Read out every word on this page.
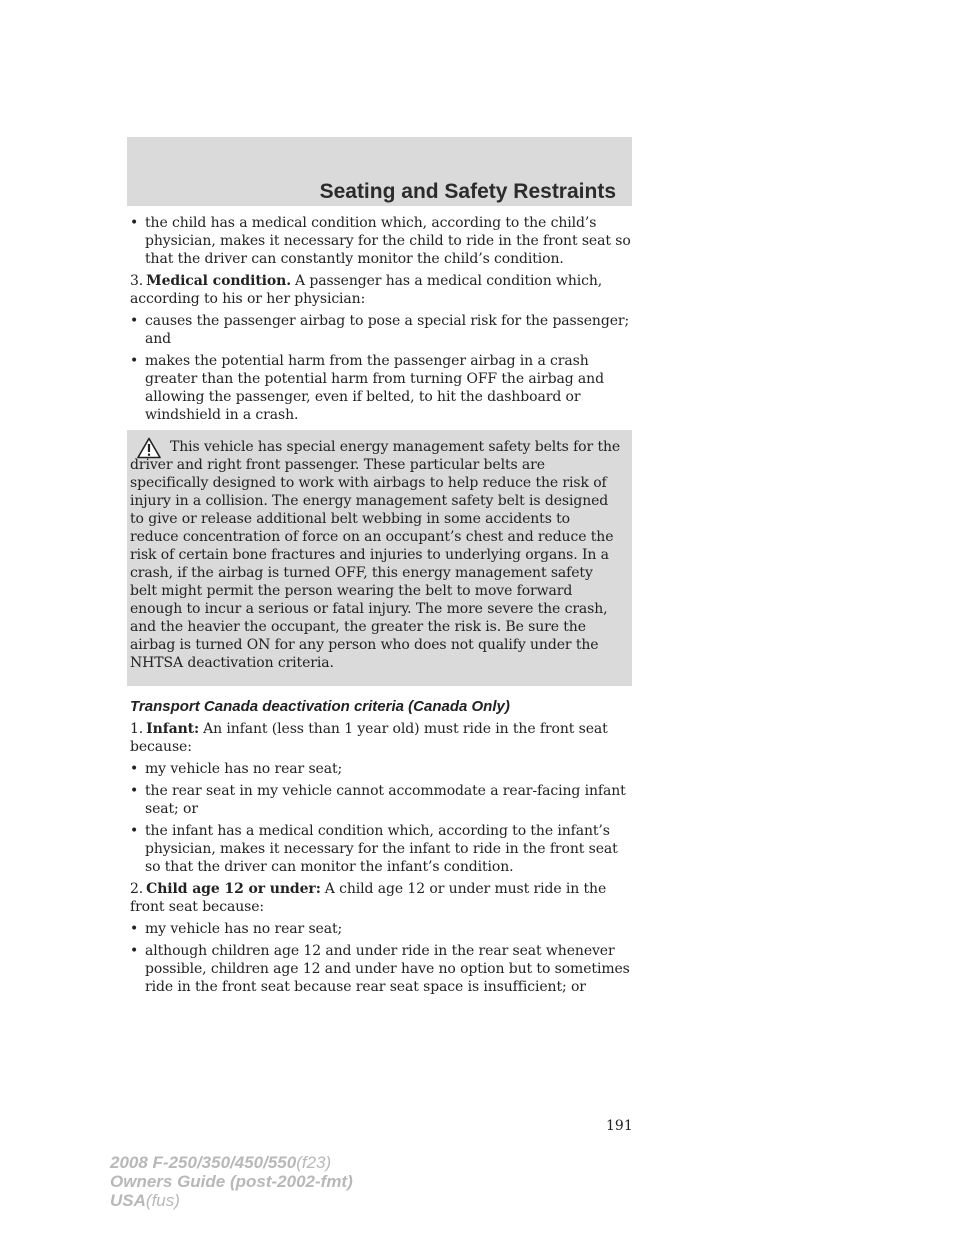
Seating and Safety Restraints
• the child has a medical condition which, according to the child’s physician, makes it necessary for the child to ride in the front seat so that the driver can constantly monitor the child’s condition.

3. Medical condition. A passenger has a medical condition which, according to his or her physician:

• causes the passenger airbag to pose a special risk for the passenger; and
• makes the potential harm from the passenger airbag in a crash greater than the potential harm from turning OFF the airbag and allowing the passenger, even if belted, to hit the dashboard or windshield in a crash.

This vehicle has special energy management safety belts for the driver and right front passenger. These particular belts are specifically designed to work with airbags to help reduce the risk of injury in a collision. The energy management safety belt is designed to give or release additional belt webbing in some accidents to reduce concentration of force on an occupant’s chest and reduce the risk of certain bone fractures and injuries to underlying organs. In a crash, if the airbag is turned OFF, this energy management safety belt might permit the person wearing the belt to move forward enough to incur a serious or fatal injury. The more severe the crash, and the heavier the occupant, the greater the risk is. Be sure the airbag is turned ON for any person who does not qualify under the NHTSA deactivation criteria.

Transport Canada deactivation criteria (Canada Only)

1. Infant: An infant (less than 1 year old) must ride in the front seat because:

• my vehicle has no rear seat;
• the rear seat in my vehicle cannot accommodate a rear-facing infant seat; or
• the infant has a medical condition which, according to the infant’s physician, makes it necessary for the infant to ride in the front seat so that the driver can monitor the infant’s condition.

2. Child age 12 or under: A child age 12 or under must ride in the front seat because:

• my vehicle has no rear seat;
• although children age 12 and under ride in the rear seat whenever possible, children age 12 and under have no option but to sometimes ride in the front seat because rear seat space is insufficient; or

191

2008 F-250/350/450/550(f23)

Owners Guide (post-2002-fmt)

USA(fus)
